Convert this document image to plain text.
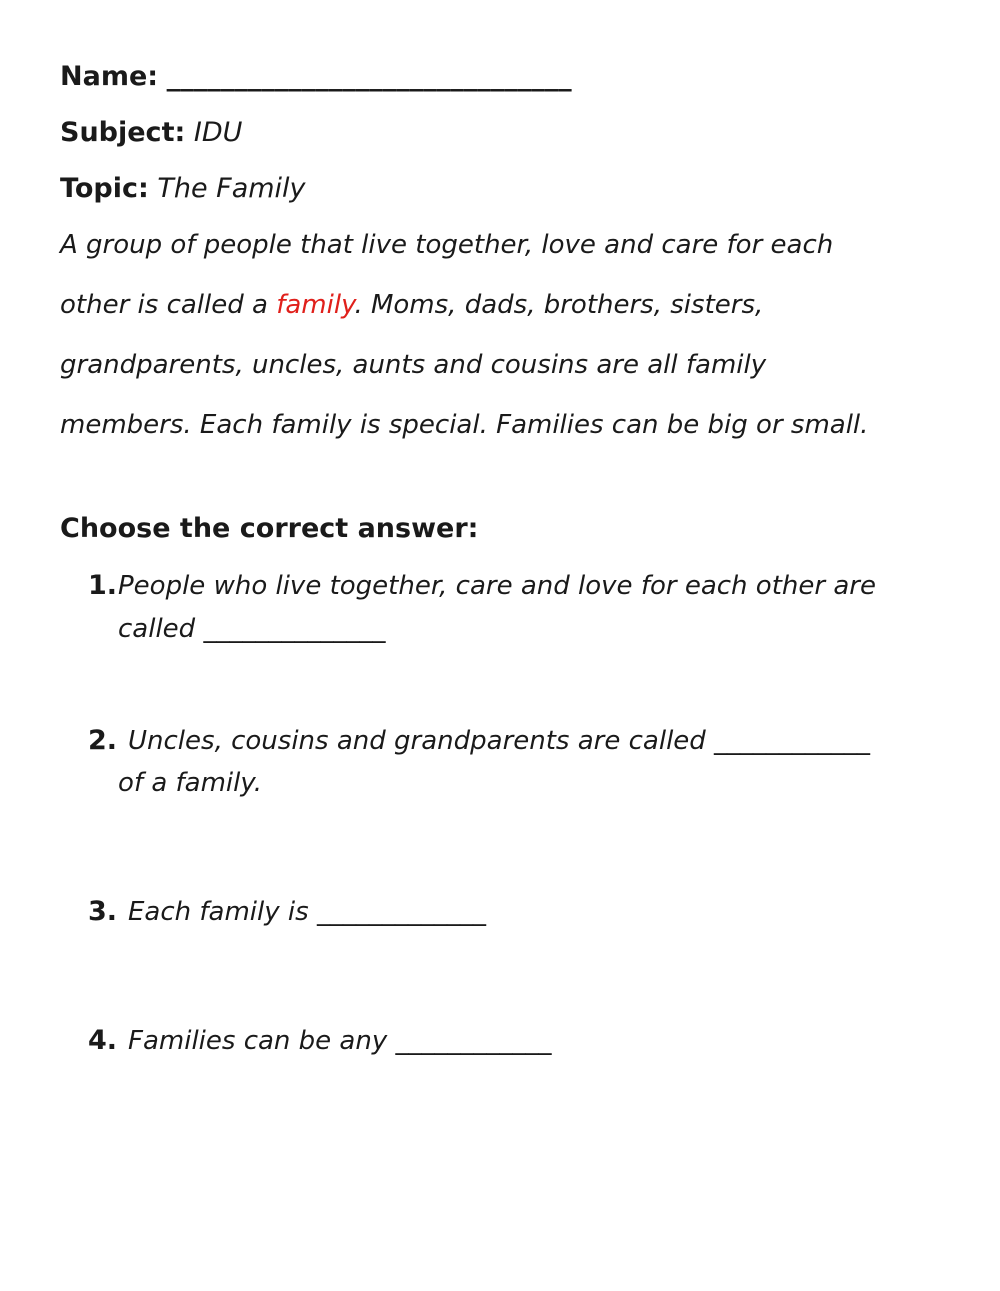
Name: ______________________________
Subject: IDU
Topic: The Family
A group of people that live together, love and care for each
other is called a family. Moms, dads, brothers, sisters,
grandparents, uncles, aunts and cousins are all family
members. Each family is special. Families can be big or small.
Choose the correct answer:
1. People who live together, care and love for each other are
called ______________
2. Uncles, cousins and grandparents are called ____________
of a family.
3. Each family is _____________
4. Families can be any ____________
